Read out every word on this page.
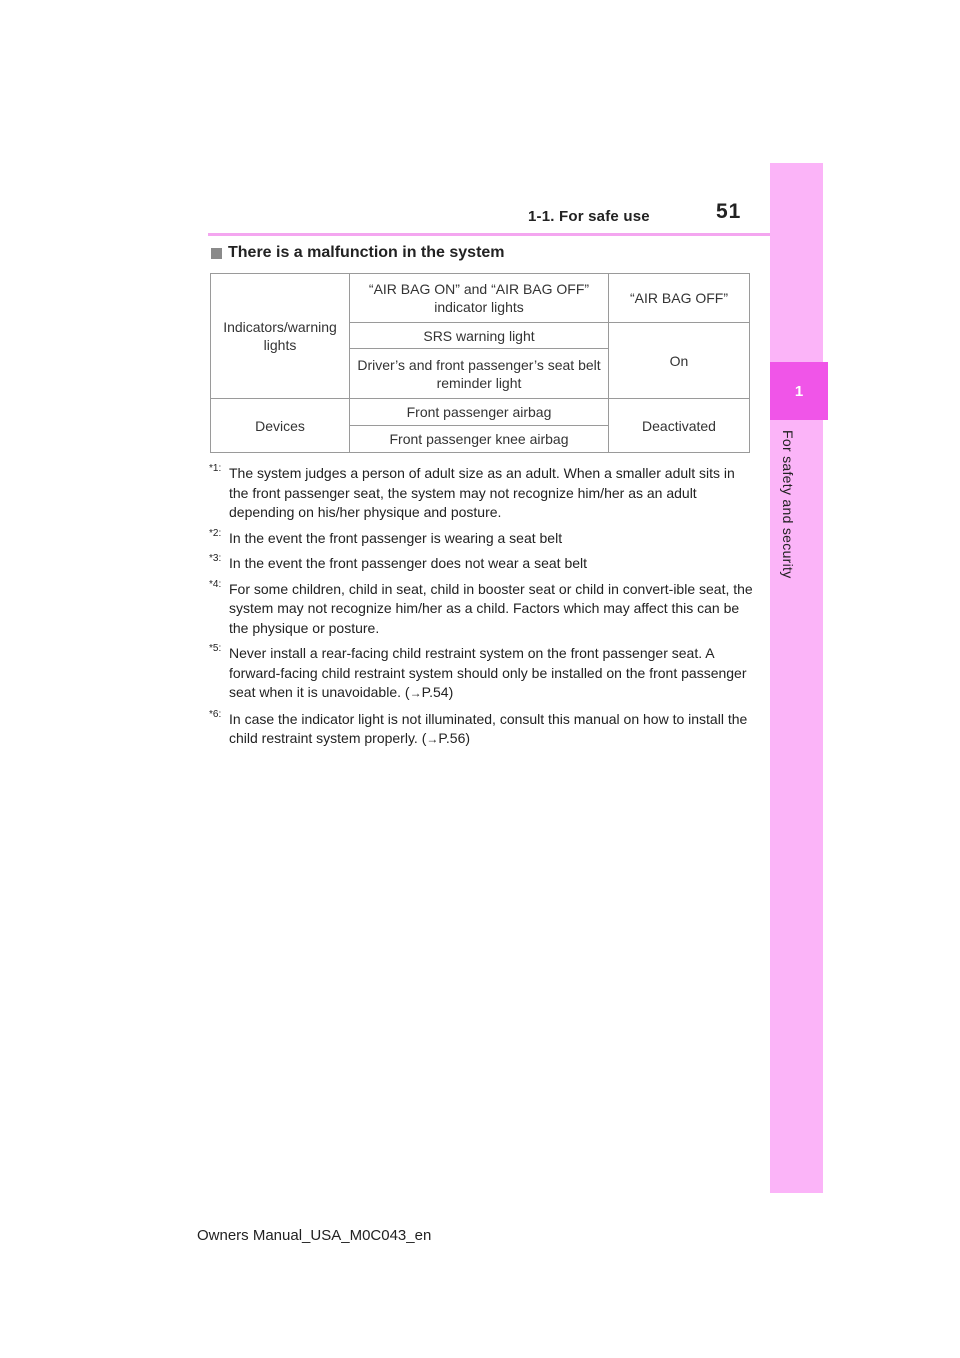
1-1. For safe use	51
1
For safety and security
There is a malfunction in the system
Indicators/warning lights	“AIR BAG ON” and “AIR BAG OFF” indicator lights	“AIR BAG OFF”
	SRS warning light	On
	Driver’s and front passenger’s seat belt reminder light	
Devices	Front passenger airbag	Deactivated
	Front passenger knee airbag	
*1: The system judges a person of adult size as an adult. When a smaller adult sits in the front passenger seat, the system may not recognize him/her as an adult depending on his/her physique and posture.
*2: In the event the front passenger is wearing a seat belt
*3: In the event the front passenger does not wear a seat belt
*4: For some children, child in seat, child in booster seat or child in convert-ible seat, the system may not recognize him/her as a child. Factors which may affect this can be the physique or posture.
*5: Never install a rear-facing child restraint system on the front passenger seat. A forward-facing child restraint system should only be installed on the front passenger seat when it is unavoidable. (→P.54)
*6: In case the indicator light is not illuminated, consult this manual on how to install the child restraint system properly. (→P.56)
Owners Manual_USA_M0C043_en
